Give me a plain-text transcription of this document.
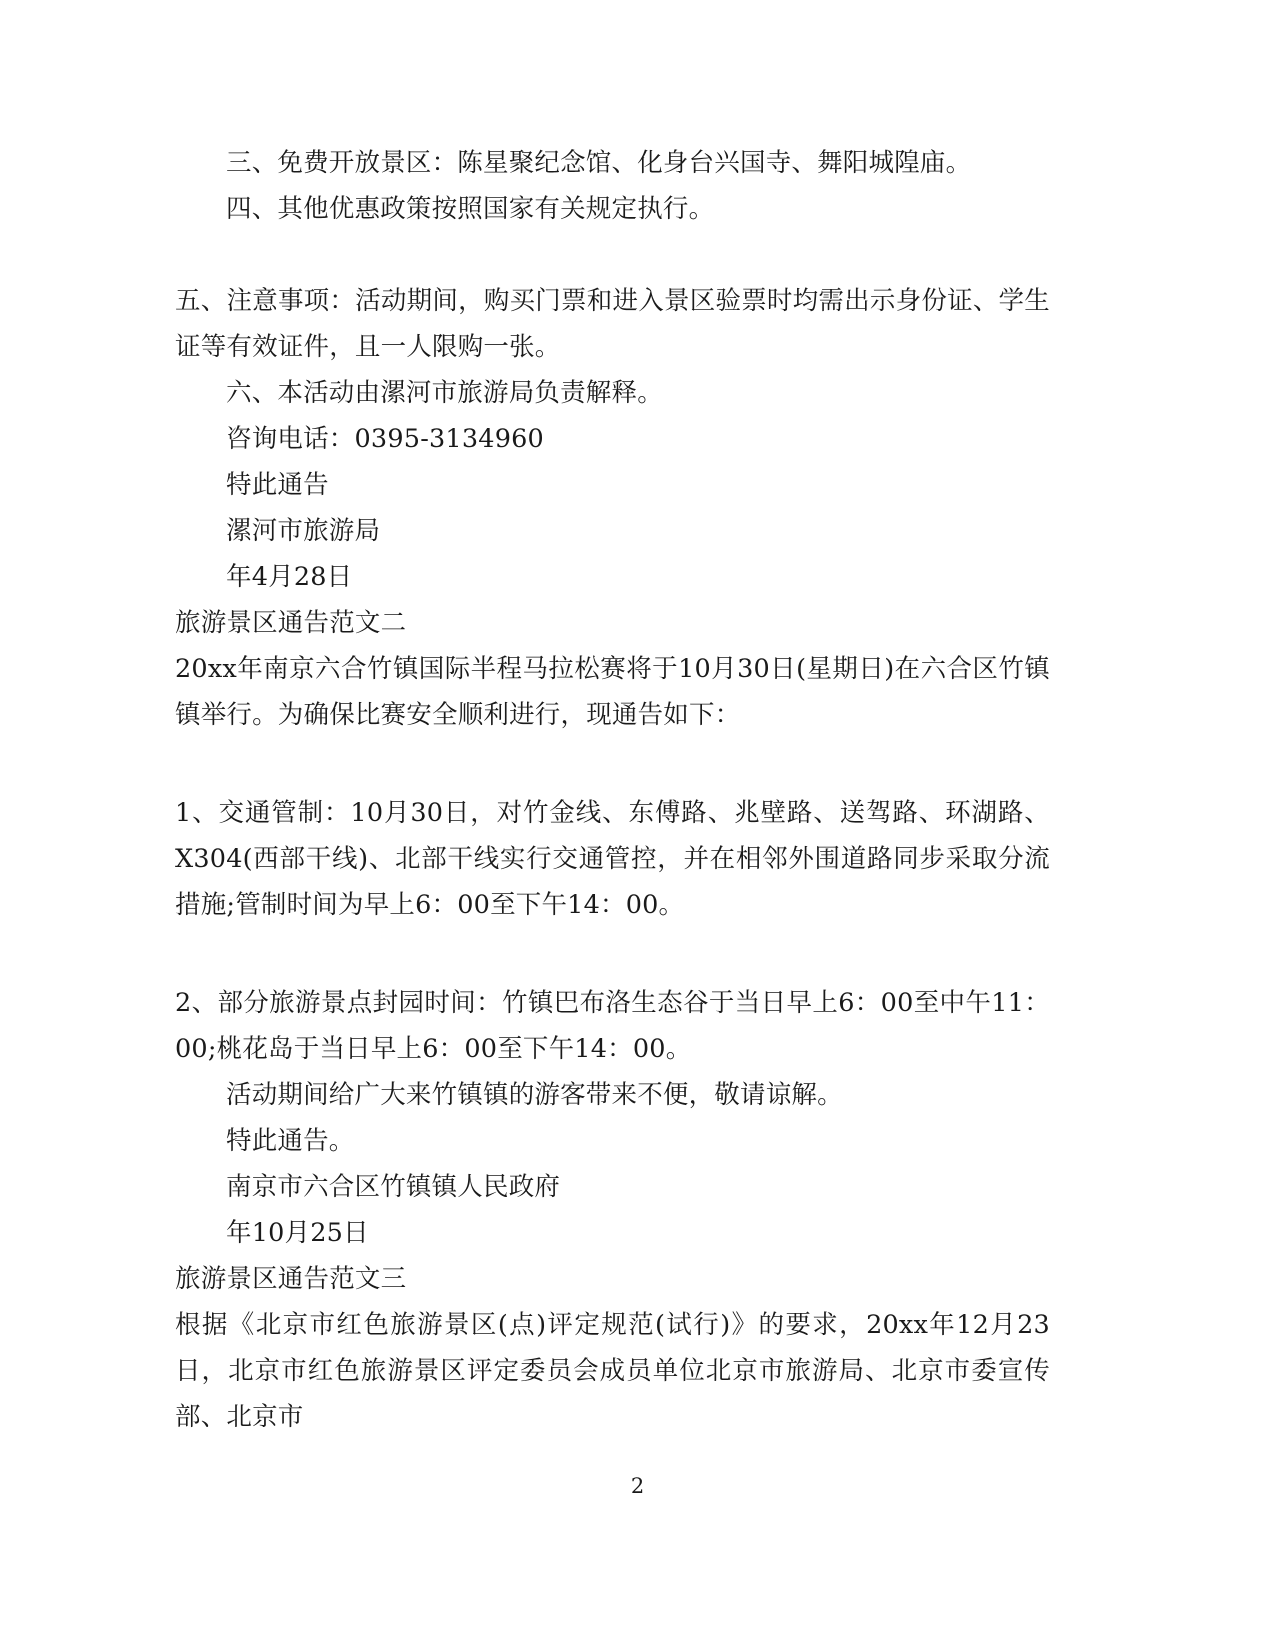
三、免费开放景区：陈星聚纪念馆、化身台兴国寺、舞阳城隍庙。

四、其他优惠政策按照国家有关规定执行。

五、注意事项：活动期间，购买门票和进入景区验票时均需出示身份证、学生证等有效证件，且一人限购一张。

六、本活动由漯河市旅游局负责解释。

咨询电话：0395-3134960

特此通告

漯河市旅游局

年4月28日

旅游景区通告范文二

20xx年南京六合竹镇国际半程马拉松赛将于10月30日(星期日)在六合区竹镇镇举行。为确保比赛安全顺利进行，现通告如下：

1、交通管制：10月30日，对竹金线、东傅路、兆壁路、送驾路、环湖路、X304(西部干线)、北部干线实行交通管控，并在相邻外围道路同步采取分流措施;管制时间为早上6：00至下午14：00。

2、部分旅游景点封园时间：竹镇巴布洛生态谷于当日早上6：00至中午11：00;桃花岛于当日早上6：00至下午14：00。

活动期间给广大来竹镇镇的游客带来不便，敬请谅解。

特此通告。

南京市六合区竹镇镇人民政府

年10月25日

旅游景区通告范文三

根据《北京市红色旅游景区(点)评定规范(试行)》的要求，20xx年12月23日，北京市红色旅游景区评定委员会成员单位北京市旅游局、北京市委宣传部、北京市

2
